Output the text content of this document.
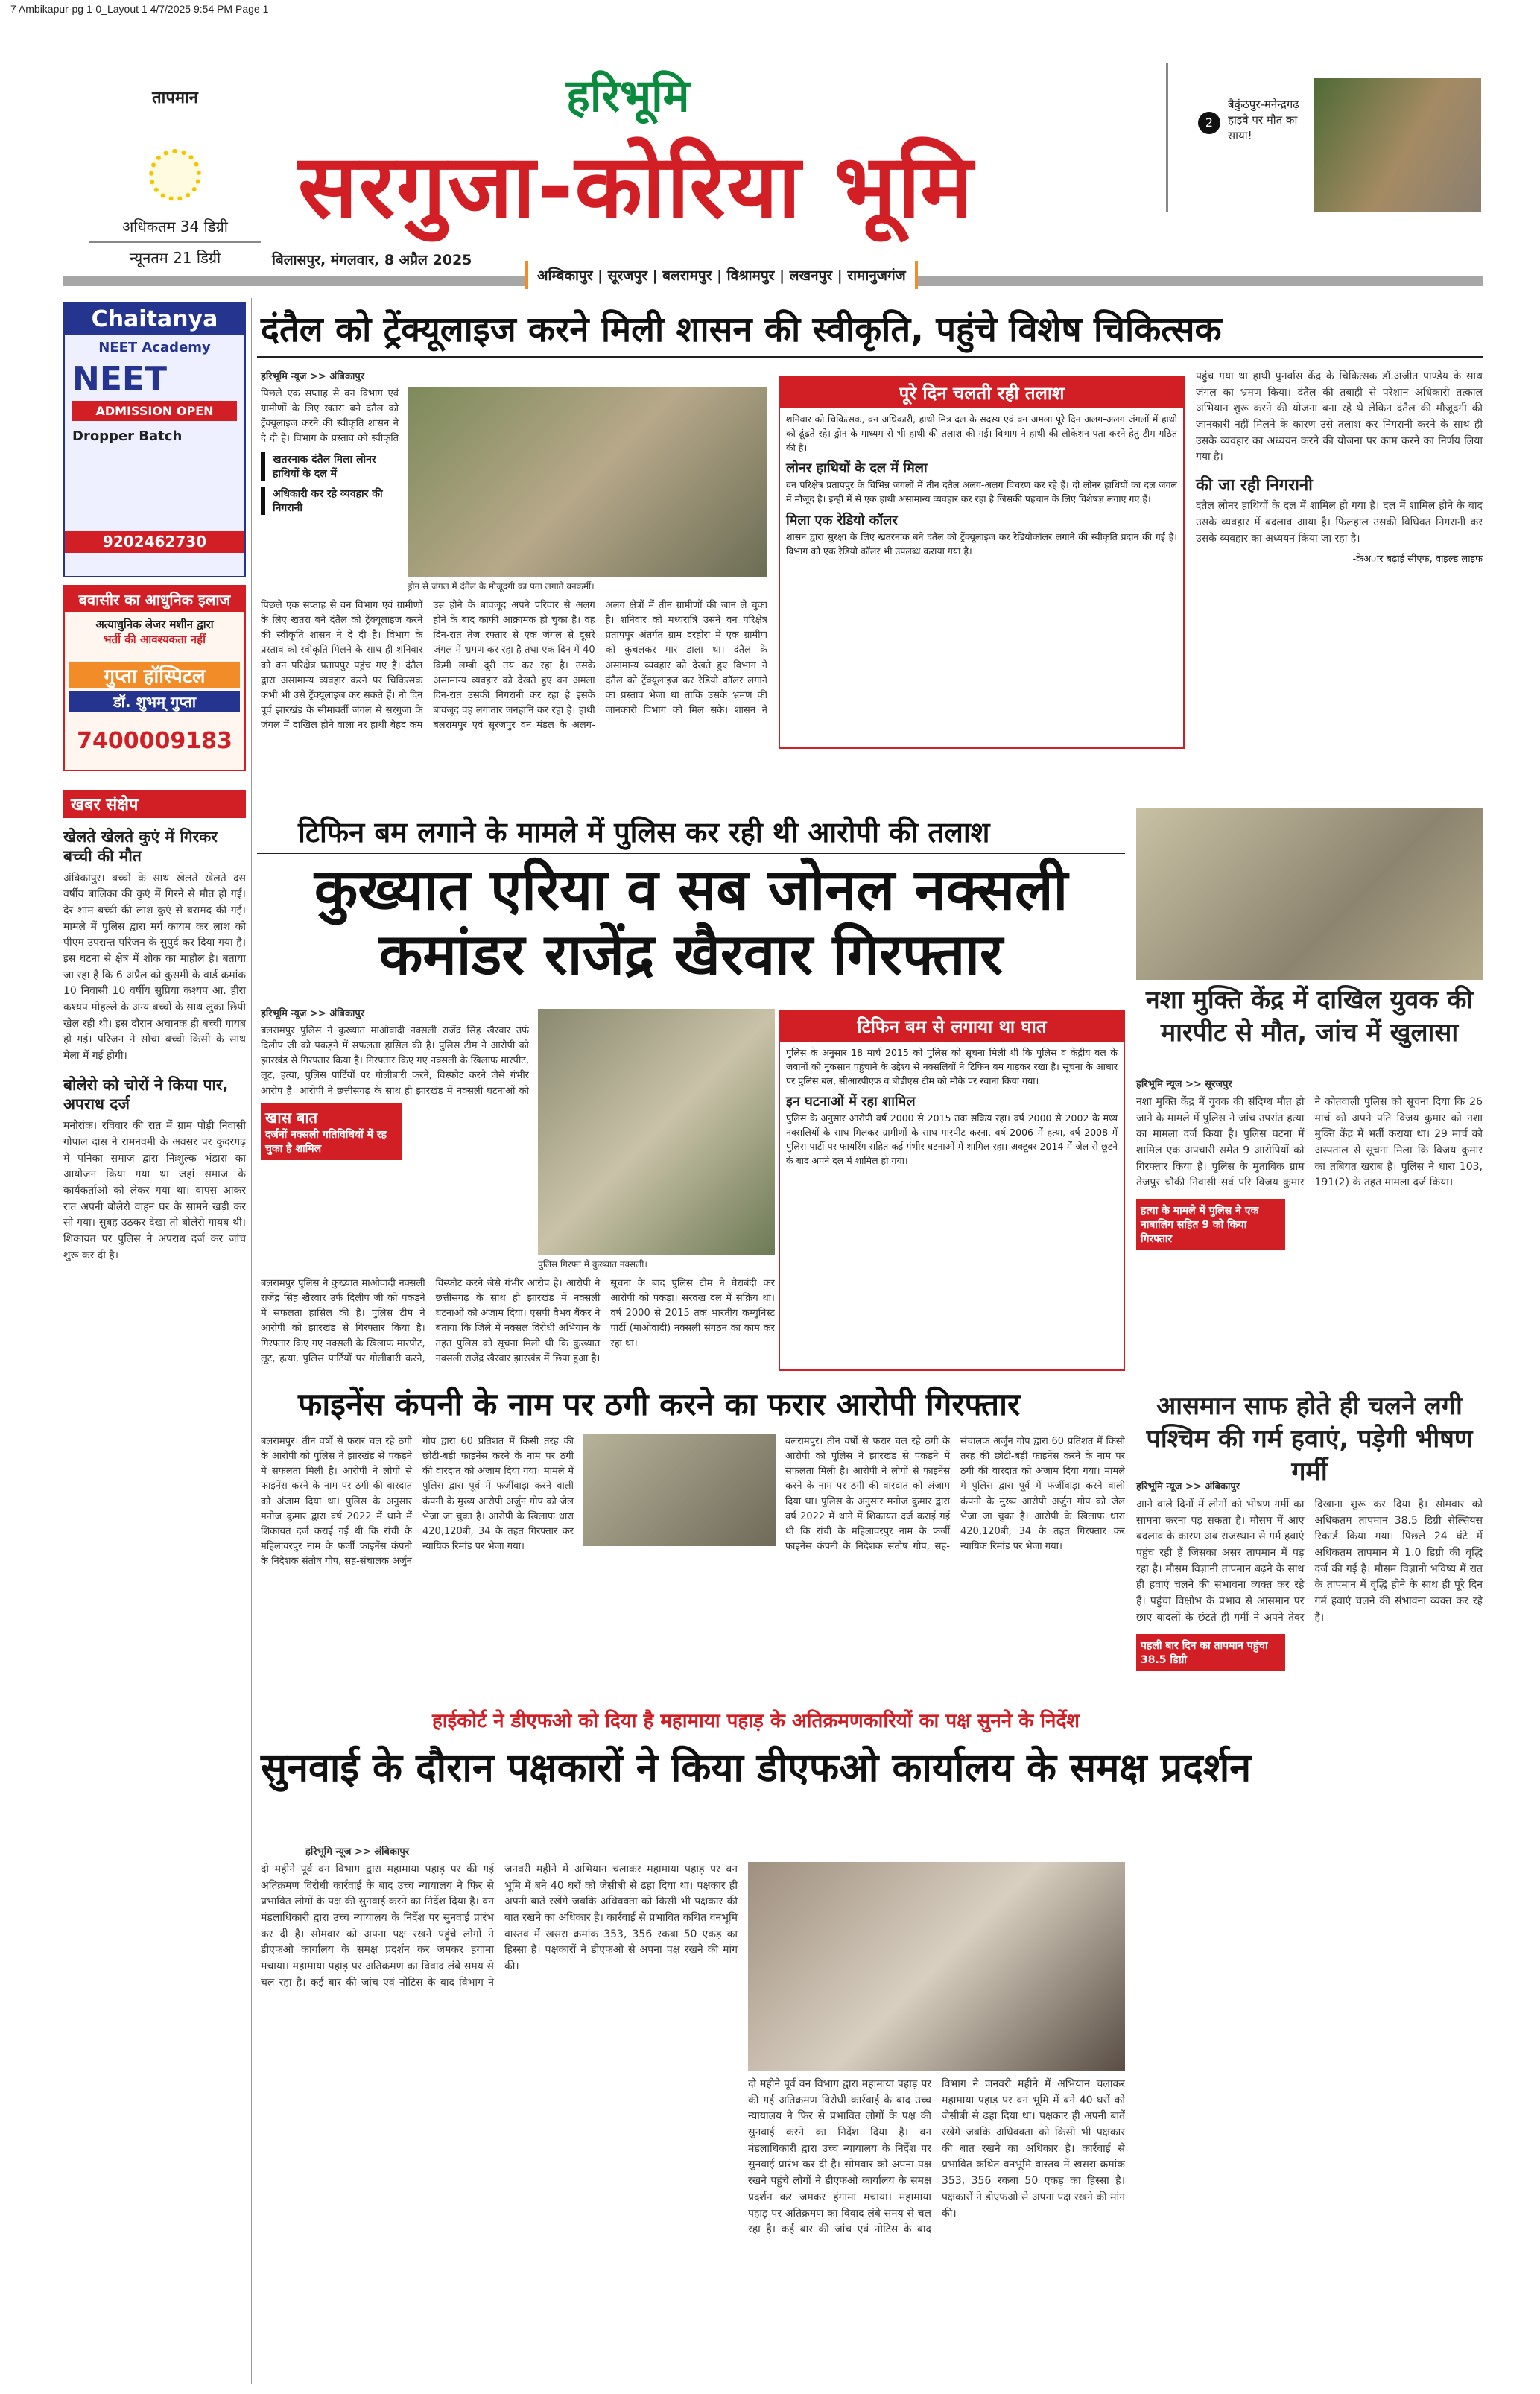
7 Ambikapur-pg 1-0_Layout 1 4/7/2025 9:54 PM Page 1
तापमान
अधिकतम 34 डिग्री
न्यूनतम 21 डिग्री
हरिभूमि
सरगुजा-कोरिया भूमि
बिलासपुर, मंगलवार, 8 अप्रैल 2025
अम्बिकापुर | सूरजपुर | बलरामपुर | विश्रामपुर | लखनपुर | रामानुजगंज
2
बैकुंठपुर-मनेन्द्रगढ़ हाइवे पर मौत का साया!
Chaitanya
NEET Academy
NEET
ADMISSION OPEN
Dropper Batch
9202462730
बवासीर का आधुनिक इलाज
अत्याधुनिक लेजर मशीन द्वारा
भर्ती की आवश्यकता नहीं
गुप्ता हॉस्पिटल
डॉ. शुभम् गुप्ता
7400009183
खबर संक्षेप
खेलते खेलते कुएं में गिरकर बच्ची की मौत
अंबिकापुर। बच्चों के साथ खेलते खेलते दस वर्षीय बालिका की कुएं में गिरने से मौत हो गई। देर शाम बच्ची की लाश कुएं से बरामद की गई। मामले में पुलिस द्वारा मर्ग कायम कर लाश को पीएम उपरान्त परिजन के सुपुर्द कर दिया गया है। इस घटना से क्षेत्र में शोक का माहौल है। बताया जा रहा है कि 6 अप्रैल को कुसमी के वार्ड क्रमांक 10 निवासी 10 वर्षीय सुप्रिया कश्यप आ. हीरा कश्यप मोहल्ले के अन्य बच्चों के साथ लुका छिपी खेल रही थी। इस दौरान अचानक ही बच्ची गायब हो गई। परिजन ने सोचा बच्ची किसी के साथ मेला में गई होगी।
बोलेरो को चोरों ने किया पार, अपराध दर्ज
मनोरांक। रविवार की रात में ग्राम पोड़ी निवासी गोपाल दास ने रामनवमी के अवसर पर कुदरगढ़ में पनिका समाज द्वारा निःशुल्क भंडारा का आयोजन किया गया था जहां समाज के कार्यकर्ताओं को लेकर गया था। वापस आकर रात अपनी बोलेरो वाहन घर के सामने खड़ी कर सो गया। सुबह उठकर देखा तो बोलेरो गायब थी। शिकायत पर पुलिस ने अपराध दर्ज कर जांच शुरू कर दी है।
दंतैल को ट्रेंक्यूलाइज करने मिली शासन की स्वीकृति, पहुंचे विशेष चिकित्सक
हरिभूमि न्यूज >> अंबिकापुर
पिछले एक सप्ताह से वन विभाग एवं ग्रामीणों के लिए खतरा बने दंतैल को ट्रेंक्यूलाइज करने की स्वीकृति शासन ने दे दी है। विभाग के प्रस्ताव को स्वीकृति
खतरनाक दंतैल मिला लोनर हाथियों के दल में
अधिकारी कर रहे व्यवहार की निगरानी
ड्रोन से जंगल में दंतैल के मौजूदगी का पता लगाते वनकर्मी।
पिछले एक सप्ताह से वन विभाग एवं ग्रामीणों के लिए खतरा बने दंतैल को ट्रेंक्यूलाइज करने की स्वीकृति शासन ने दे दी है। विभाग के प्रस्ताव को स्वीकृति मिलने के साथ ही शनिवार को वन परिक्षेत्र प्रतापपुर पहुंच गए हैं। दंतैल द्वारा असामान्य व्यवहार करने पर चिकित्सक कभी भी उसे ट्रेंक्यूलाइज कर सकते हैं। नौ दिन पूर्व झारखंड के सीमावर्ती जंगल से सरगुजा के जंगल में दाखिल होने वाला नर हाथी बेहद कम उम्र होने के बावजूद अपने परिवार से अलग होने के बाद काफी आक्रामक हो चुका है। वह दिन-रात तेज रफ्तार से एक जंगल से दूसरे जंगल में भ्रमण कर रहा है तथा एक दिन में 40 किमी लम्बी दूरी तय कर रहा है। उसके असामान्य व्यवहार को देखते हुए वन अमला दिन-रात उसकी निगरानी कर रहा है इसके बावजूद वह लगातार जनहानि कर रहा है। हाथी बलरामपुर एवं सूरजपुर वन मंडल के अलग-अलग क्षेत्रों में तीन ग्रामीणों की जान ले चुका है। शनिवार को मध्यरात्रि उसने वन परिक्षेत्र प्रतापपुर अंतर्गत ग्राम दरहोरा में एक ग्रामीण को कुचलकर मार डाला था। दंतैल के असामान्य व्यवहार को देखते हुए विभाग ने दंतैल को ट्रेंक्यूलाइज कर रेडियो कॉलर लगाने का प्रस्ताव भेजा था ताकि उसके भ्रमण की जानकारी विभाग को मिल सके। शासन ने
पूरे दिन चलती रही तलाश

शनिवार को चिकित्सक, वन अधिकारी, हाथी मित्र दल के सदस्य एवं वन अमला पूरे दिन अलग-अलग जंगलों में हाथी को ढूंढते रहे। ड्रोन के माध्यम से भी हाथी की तलाश की गई। विभाग ने हाथी की लोकेशन पता करने हेतु टीम गठित की है।

लोनर हाथियों के दल में मिला

वन परिक्षेत्र प्रतापपुर के विभिन्न जंगलों में तीन दंतैल अलग-अलग विचरण कर रहे हैं। दो लोनर हाथियों का दल जंगल में मौजूद है। इन्हीं में से एक हाथी असामान्य व्यवहार कर रहा है जिसकी पहचान के लिए विशेषज्ञ लगाए गए हैं।

मिला एक रेडियो कॉलर

शासन द्वारा सुरक्षा के लिए खतरनाक बने दंतैल को ट्रेंक्यूलाइज कर रेडियोकॉलर लगाने की स्वीकृति प्रदान की गई है। विभाग को एक रेडियो कॉलर भी उपलब्ध कराया गया है।

पहुंच गया था हाथी पुनर्वास केंद्र के चिकित्सक डॉ.अजीत पाण्डेय के साथ जंगल का भ्रमण किया। दंतैल की तबाही से परेशान अधिकारी तत्काल अभियान शुरू करने की योजना बना रहे थे लेकिन दंतैल की मौजूदगी की जानकारी नहीं मिलने के कारण उसे तलाश कर निगरानी करने के साथ ही उसके व्यवहार का अध्ययन करने की योजना पर काम करने का निर्णय लिया गया है।
की जा रही निगरानी
दंतैल लोनर हाथियों के दल में शामिल हो गया है। दल में शामिल होने के बाद उसके व्यवहार में बदलाव आया है। फिलहाल उसकी विधिवत निगरानी कर उसके व्यवहार का अध्ययन किया जा रहा है।
-केअार बढ़ाई सीएफ, वाइल्ड लाइफ
टिफिन बम लगाने के मामले में पुलिस कर रही थी आरोपी की तलाश
कुख्यात एरिया व सब जोनल नक्सली कमांडर राजेंद्र खैरवार गिरफ्तार
हरिभूमि न्यूज >> अंबिकापुर
बलरामपुर पुलिस ने कुख्यात माओवादी नक्सली राजेंद्र सिंह खैरवार उर्फ दिलीप जी को पकड़ने में सफलता हासिल की है। पुलिस टीम ने आरोपी को झारखंड से गिरफ्तार किया है। गिरफ्तार किए गए नक्सली के खिलाफ मारपीट, लूट, हत्या, पुलिस पार्टियों पर गोलीबारी करने, विस्फोट करने जैसे गंभीर आरोप है। आरोपी ने छत्तीसगढ़ के साथ ही झारखंड में नक्सली घटनाओं को
खास बात
दर्जनों नक्सली गतिविधियों में रह चुका है शामिल
पुलिस गिरफ्त में कुख्यात नक्सली।
बलरामपुर पुलिस ने कुख्यात माओवादी नक्सली राजेंद्र सिंह खैरवार उर्फ दिलीप जी को पकड़ने में सफलता हासिल की है। पुलिस टीम ने आरोपी को झारखंड से गिरफ्तार किया है। गिरफ्तार किए गए नक्सली के खिलाफ मारपीट, लूट, हत्या, पुलिस पार्टियों पर गोलीबारी करने, विस्फोट करने जैसे गंभीर आरोप है। आरोपी ने छत्तीसगढ़ के साथ ही झारखंड में नक्सली घटनाओं को अंजाम दिया। एसपी वैभव बैंकर ने बताया कि जिले में नक्सल विरोधी अभियान के तहत पुलिस को सूचना मिली थी कि कुख्यात नक्सली राजेंद्र खैरवार झारखंड में छिपा हुआ है। सूचना के बाद पुलिस टीम ने घेराबंदी कर आरोपी को पकड़ा। सरवख दल में सक्रिय था। वर्ष 2000 से 2015 तक भारतीय कम्युनिस्ट पार्टी (माओवादी) नक्सली संगठन का काम कर रहा था।
टिफिन बम से लगाया था घात

पुलिस के अनुसार 18 मार्च 2015 को पुलिस को सूचना मिली थी कि पुलिस व केंद्रीय बल के जवानों को नुकसान पहुंचाने के उद्देश्य से नक्सलियों ने टिफिन बम गाड़कर रखा है। सूचना के आधार पर पुलिस बल, सीआरपीएफ व बीडीएस टीम को मौके पर रवाना किया गया।

इन घटनाओं में रहा शामिल

पुलिस के अनुसार आरोपी वर्ष 2000 से 2015 तक सक्रिय रहा। वर्ष 2000 से 2002 के मध्य नक्सलियों के साथ मिलकर ग्रामीणों के साथ मारपीट करना, वर्ष 2006 में हत्या, वर्ष 2008 में पुलिस पार्टी पर फायरिंग सहित कई गंभीर घटनाओं में शामिल रहा। अक्टूबर 2014 में जेल से छूटने के बाद अपने दल में शामिल हो गया।

नशा मुक्ति केंद्र में दाखिल युवक की मारपीट से मौत, जांच में खुलासा
हरिभूमि न्यूज >> सूरजपुर
नशा मुक्ति केंद्र में युवक की संदिग्ध मौत हो जाने के मामले में पुलिस ने जांच उपरांत हत्या का मामला दर्ज किया है। पुलिस घटना में शामिल एक अपचारी समेत 9 आरोपियों को गिरफ्तार किया है। पुलिस के मुताबिक ग्राम तेजपुर चौकी निवासी सर्व परि विजय कुमार ने कोतवाली पुलिस को सूचना दिया कि 26 मार्च को अपने पति विजय कुमार को नशा मुक्ति केंद्र में भर्ती कराया था। 29 मार्च को अस्पताल से सूचना मिला कि विजय कुमार का तबियत खराब है। पुलिस ने धारा 103, 191(2) के तहत मामला दर्ज किया।
हत्या के मामले में पुलिस ने एक नाबालिग सहित 9 को किया गिरफ्तार
फाइनेंस कंपनी के नाम पर ठगी करने का फरार आरोपी गिरफ्तार
बलरामपुर। तीन वर्षों से फरार चल रहे ठगी के आरोपी को पुलिस ने झारखंड से पकड़ने में सफलता मिली है। आरोपी ने लोगों से फाइनेंस करने के नाम पर ठगी की वारदात को अंजाम दिया था। पुलिस के अनुसार मनोज कुमार द्वारा वर्ष 2022 में थाने में शिकायत दर्ज कराई गई थी कि रांची के महिलावरपुर नाम के फर्जी फाइनेंस कंपनी के निदेशक संतोष गोप, सह-संचालक अर्जुन गोप द्वारा 60 प्रतिशत में किसी तरह की छोटी-बड़ी फाइनेंस करने के नाम पर ठगी की वारदात को अंजाम दिया गया। मामले में पुलिस द्वारा पूर्व में फर्जीवाड़ा करने वाली कंपनी के मुख्य आरोपी अर्जुन गोप को जेल भेजा जा चुका है। आरोपी के खिलाफ धारा 420,120बी, 34 के तहत गिरफ्तार कर न्यायिक रिमांड पर भेजा गया।
बलरामपुर। तीन वर्षों से फरार चल रहे ठगी के आरोपी को पुलिस ने झारखंड से पकड़ने में सफलता मिली है। आरोपी ने लोगों से फाइनेंस करने के नाम पर ठगी की वारदात को अंजाम दिया था। पुलिस के अनुसार मनोज कुमार द्वारा वर्ष 2022 में थाने में शिकायत दर्ज कराई गई थी कि रांची के महिलावरपुर नाम के फर्जी फाइनेंस कंपनी के निदेशक संतोष गोप, सह-संचालक अर्जुन गोप द्वारा 60 प्रतिशत में किसी तरह की छोटी-बड़ी फाइनेंस करने के नाम पर ठगी की वारदात को अंजाम दिया गया। मामले में पुलिस द्वारा पूर्व में फर्जीवाड़ा करने वाली कंपनी के मुख्य आरोपी अर्जुन गोप को जेल भेजा जा चुका है। आरोपी के खिलाफ धारा 420,120बी, 34 के तहत गिरफ्तार कर न्यायिक रिमांड पर भेजा गया।
आसमान साफ होते ही चलने लगी पश्चिम की गर्म हवाएं, पड़ेगी भीषण गर्मी
हरिभूमि न्यूज >> अंबिकापुर
आने वाले दिनों में लोगों को भीषण गर्मी का सामना करना पड़ सकता है। मौसम में आए बदलाव के कारण अब राजस्थान से गर्म हवाएं पहुंच रही हैं जिसका असर तापमान में पड़ रहा है। मौसम विज्ञानी तापमान बढ़ने के साथ ही हवाएं चलने की संभावना व्यक्त कर रहे हैं। पहुंचा विक्षोभ के प्रभाव से आसमान पर छाए बादलों के छंटते ही गर्मी ने अपने तेवर दिखाना शुरू कर दिया है। सोमवार को अधिकतम तापमान 38.5 डिग्री सेल्सियस रिकार्ड किया गया। पिछले 24 घंटे में अधिकतम तापमान में 1.0 डिग्री की वृद्धि दर्ज की गई है। मौसम विज्ञानी भविष्य में रात के तापमान में वृद्धि होने के साथ ही पूरे दिन गर्म हवाएं चलने की संभावना व्यक्त कर रहे हैं।
पहली बार दिन का तापमान पहुंचा 38.5 डिग्री
हाईकोर्ट ने डीएफओ को दिया है महामाया पहाड़ के अतिक्रमणकारियों का पक्ष सुनने के निर्देश
सुनवाई के दौरान पक्षकारों ने किया डीएफओ कार्यालय के समक्ष प्रदर्शन
हरिभूमि न्यूज >> अंबिकापुर
दो महीने पूर्व वन विभाग द्वारा महामाया पहाड़ पर की गई अतिक्रमण विरोधी कार्रवाई के बाद उच्च न्यायालय ने फिर से प्रभावित लोगों के पक्ष की सुनवाई करने का निर्देश दिया है। वन मंडलाधिकारी द्वारा उच्च न्यायालय के निर्देश पर सुनवाई प्रारंभ कर दी है। सोमवार को अपना पक्ष रखने पहुंचे लोगों ने डीएफओ कार्यालय के समक्ष प्रदर्शन कर जमकर हंगामा मचाया। महामाया पहाड़ पर अतिक्रमण का विवाद लंबे समय से चल रहा है। कई बार की जांच एवं नोटिस के बाद विभाग ने जनवरी महीने में अभियान चलाकर महामाया पहाड़ पर वन भूमि में बने 40 घरों को जेसीबी से ढहा दिया था। पक्षकार ही अपनी बातें रखेंगे जबकि अधिवक्ता को किसी भी पक्षकार की बात रखने का अधिकार है। कार्रवाई से प्रभावित कथित वनभूमि वास्तव में खसरा क्रमांक 353, 356 रकबा 50 एकड़ का हिस्सा है। पक्षकारों ने डीएफओ से अपना पक्ष रखने की मांग की।
दो महीने पूर्व वन विभाग द्वारा महामाया पहाड़ पर की गई अतिक्रमण विरोधी कार्रवाई के बाद उच्च न्यायालय ने फिर से प्रभावित लोगों के पक्ष की सुनवाई करने का निर्देश दिया है। वन मंडलाधिकारी द्वारा उच्च न्यायालय के निर्देश पर सुनवाई प्रारंभ कर दी है। सोमवार को अपना पक्ष रखने पहुंचे लोगों ने डीएफओ कार्यालय के समक्ष प्रदर्शन कर जमकर हंगामा मचाया। महामाया पहाड़ पर अतिक्रमण का विवाद लंबे समय से चल रहा है। कई बार की जांच एवं नोटिस के बाद विभाग ने जनवरी महीने में अभियान चलाकर महामाया पहाड़ पर वन भूमि में बने 40 घरों को जेसीबी से ढहा दिया था। पक्षकार ही अपनी बातें रखेंगे जबकि अधिवक्ता को किसी भी पक्षकार की बात रखने का अधिकार है। कार्रवाई से प्रभावित कथित वनभूमि वास्तव में खसरा क्रमांक 353, 356 रकबा 50 एकड़ का हिस्सा है। पक्षकारों ने डीएफओ से अपना पक्ष रखने की मांग की।
